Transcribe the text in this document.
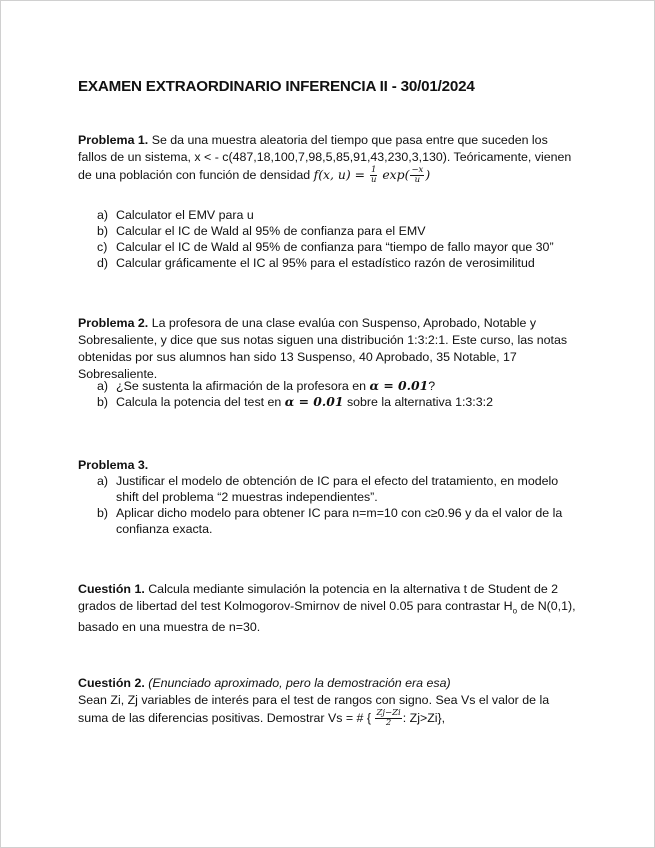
EXAMEN EXTRAORDINARIO INFERENCIA II - 30/01/2024
Problema 1. Se da una muestra aleatoria del tiempo que pasa entre que suceden los fallos de un sistema, x < - c(487,18,100,7,98,5,85,91,43,230,3,130). Teóricamente, vienen de una población con función de densidad f(x, $u) = \frac{1}{u} \exp( \frac{-x}{u}$ )
a) Calculator el EMV para u
b) Calcular el IC de Wald al 95% de confianza para el EMV
c) Calcular el IC de Wald al 95% de confianza para “tiempo de fallo mayor que 30”
d) Calcular gráficamente el IC al 95% para el estadístico razón de verosimilitud
Problema 2. La profesora de una clase evalúa con Suspenso, Aprobado, Notable y Sobresaliente, y dice que sus notas siguen una distribución 1:3:2:1. Este curso, las notas obtenidas por sus alumnos han sido 13 Suspenso, 40 Aprobado, 35 Notable, 17 Sobresaliente.
a) ¿Se sustenta la afirmación de la profesora en α = 0.01?
b) Calcula la potencia del test en α = 0.01 sobre la alternativa 1:3:3:2
Problema 3.
a) Justificar el modelo de obtención de IC para el efecto del tratamiento, en modelo shift del problema “2 muestras independientes”.
b) Aplicar dicho modelo para obtener IC para n=m=10 con c≥0.96 y da el valor de la confianza exacta.
Cuestión 1. Calcula mediante simulación la potencia en la alternativa t de Student de 2 grados de libertad del test Kolmogorov-Smirnov de nivel 0.05 para contrastar $H_o$ de N(0,1), basado en una muestra de n=30.
Cuestión 2. (Enunciado aproximado, pero la demostración era esa)
Sean Zi, Zj variables de interés para el test de rangos con signo. Sea Vs el valor de la suma de las diferencias positivas. Demostrar Vs = # { $\frac{Zj-Zi}{2}$ : Zj>Zi},
